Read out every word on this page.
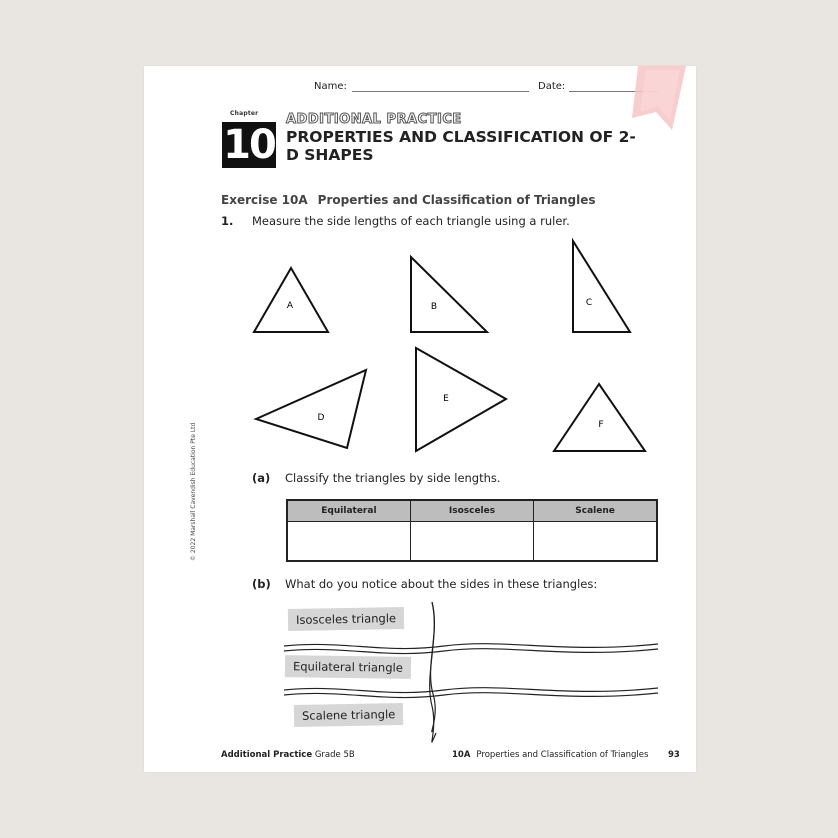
Name:	Date:
Chapter
10
ADDITIONAL PRACTICE
PROPERTIES AND CLASSIFICATION OF 2-D SHAPES
Exercise 10A Properties and Classification of Triangles
1. Measure the side lengths of each triangle using a ruler.
A	B	C
D
E
F
(a) Classify the triangles by side lengths.
Equilateral	Isosceles	Scalene

(b) What do you notice about the sides in these triangles:
Isosceles triangle
Equilateral triangle
Scalene triangle
Additional Practice Grade 5B	10A Properties and Classification of Triangles 93
© 2022 Marshall Cavendish Education Pte Ltd
